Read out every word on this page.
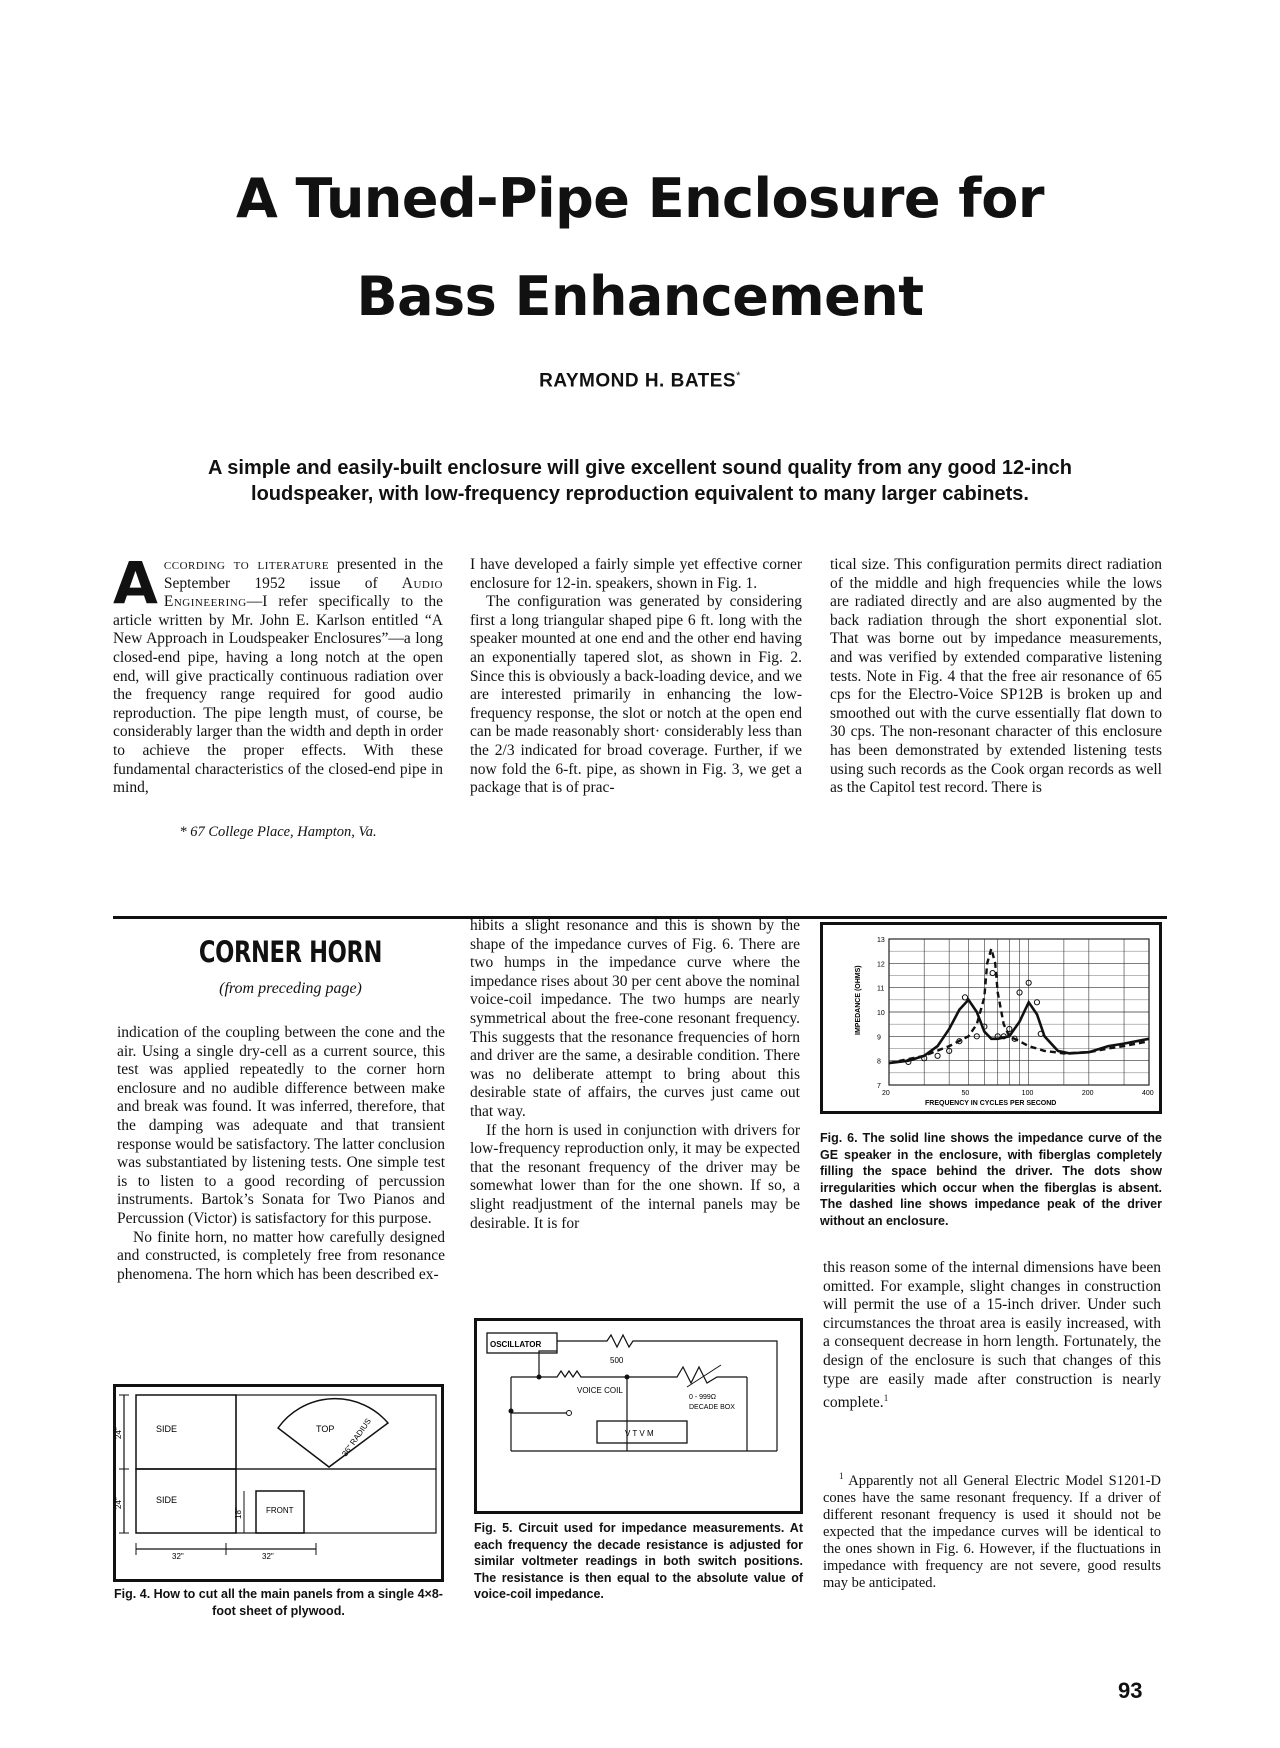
A Tuned-Pipe Enclosure for
Bass Enhancement
RAYMOND H. BATES*
A simple and easily-built enclosure will give excellent sound quality from any good 12-inch loudspeaker, with low-frequency reproduction equivalent to many larger cabinets.
A ccording to literature presented in the September 1952 issue of Audio Engineering—I refer specifically to the article written by Mr. John E. Karlson entitled “A New Approach in Loudspeaker Enclosures”—a long closed-end pipe, having a long notch at the open end, will give practically continuous radiation over the frequency range required for good audio reproduction. The pipe length must, of course, be considerably larger than the width and depth in order to achieve the proper effects. With these fundamental characteristics of the closed-end pipe in mind,

* 67 College Place, Hampton, Va.

I have developed a fairly simple yet effective corner enclosure for 12-in. speakers, shown in Fig. 1.

The configuration was generated by considering first a long triangular shaped pipe 6 ft. long with the speaker mounted at one end and the other end having an exponentially tapered slot, as shown in Fig. 2. Since this is obviously a back-loading device, and we are interested primarily in enhancing the low-frequency response, the slot or notch at the open end can be made reasonably short· considerably less than the 2/3 indicated for broad coverage. Further, if we now fold the 6-ft. pipe, as shown in Fig. 3, we get a package that is of prac-

tical size. This configuration permits direct radiation of the middle and high frequencies while the lows are radiated directly and are also augmented by the back radiation through the short exponential slot. That was borne out by impedance measurements, and was verified by extended comparative listening tests. Note in Fig. 4 that the free air resonance of 65 cps for the Electro-Voice SP12B is broken up and smoothed out with the curve essentially flat down to 30 cps. The non-resonant character of this enclosure has been demonstrated by extended listening tests using such records as the Cook organ records as well as the Capitol test record. There is

CORNER HORN
(from preceding page)

indication of the coupling between the cone and the air. Using a single dry-cell as a current source, this test was applied repeatedly to the corner horn enclosure and no audible difference between make and break was found. It was inferred, therefore, that the damping was adequate and that transient response would be satisfactory. The latter conclusion was substantiated by listening tests. One simple test is to listen to a good recording of percussion instruments. Bartok’s Sonata for Two Pianos and Percussion (Victor) is satisfactory for this purpose.

No finite horn, no matter how carefully designed and constructed, is completely free from resonance phenomena. The horn which has been described ex-

SIDE
SIDE
TOP
FRONT
36" RADIUS
24"
24"
18"
32"	32"
Fig. 4. How to cut all the main panels from a single 4×8-foot sheet of plywood.

hibits a slight resonance and this is shown by the shape of the impedance curves of Fig. 6. There are two humps in the impedance curve where the impedance rises about 30 per cent above the nominal voice-coil impedance. The two humps are nearly symmetrical about the free-cone resonant frequency. This suggests that the resonance frequencies of horn and driver are the same, a desirable condition. There was no deliberate attempt to bring about this desirable state of affairs, the curves just came out that way.

If the horn is used in conjunction with drivers for low-frequency reproduction only, it may be expected that the resonant frequency of the driver may be somewhat lower than for the one shown. If so, a slight readjustment of the internal panels may be desirable. It is for

OSCILLATOR
500
VOICE COIL
0 - 999Ω
DECADE BOX
V T V M
Fig. 5. Circuit used for impedance measurements. At each frequency the decade resistance is adjusted for similar voltmeter readings in both switch positions. The resistance is then equal to the absolute value of voice-coil impedance.
20	50	100	200	400
13
12
11
10
9
8
7
IMPEDANCE (OHMS)
FREQUENCY IN CYCLES PER SECOND
Fig. 6. The solid line shows the impedance curve of the GE speaker in the enclosure, with fiberglas completely filling the space behind the driver. The dots show irregularities which occur when the fiberglas is absent. The dashed line shows impedance peak of the driver without an enclosure.

this reason some of the internal dimensions have been omitted. For example, slight changes in construction will permit the use of a 15-inch driver. Under such circumstances the throat area is easily increased, with a consequent decrease in horn length. Fortunately, the design of the enclosure is such that changes of this type are easily made after construction is nearly complete.$^1$

$^1$ Apparently not all General Electric Model S1201-D cones have the same resonant frequency. If a driver of different resonant frequency is used it should not be expected that the impedance curves will be identical to the ones shown in Fig. 6. However, if the fluctuations in impedance with frequency are not severe, good results may be anticipated.

93
